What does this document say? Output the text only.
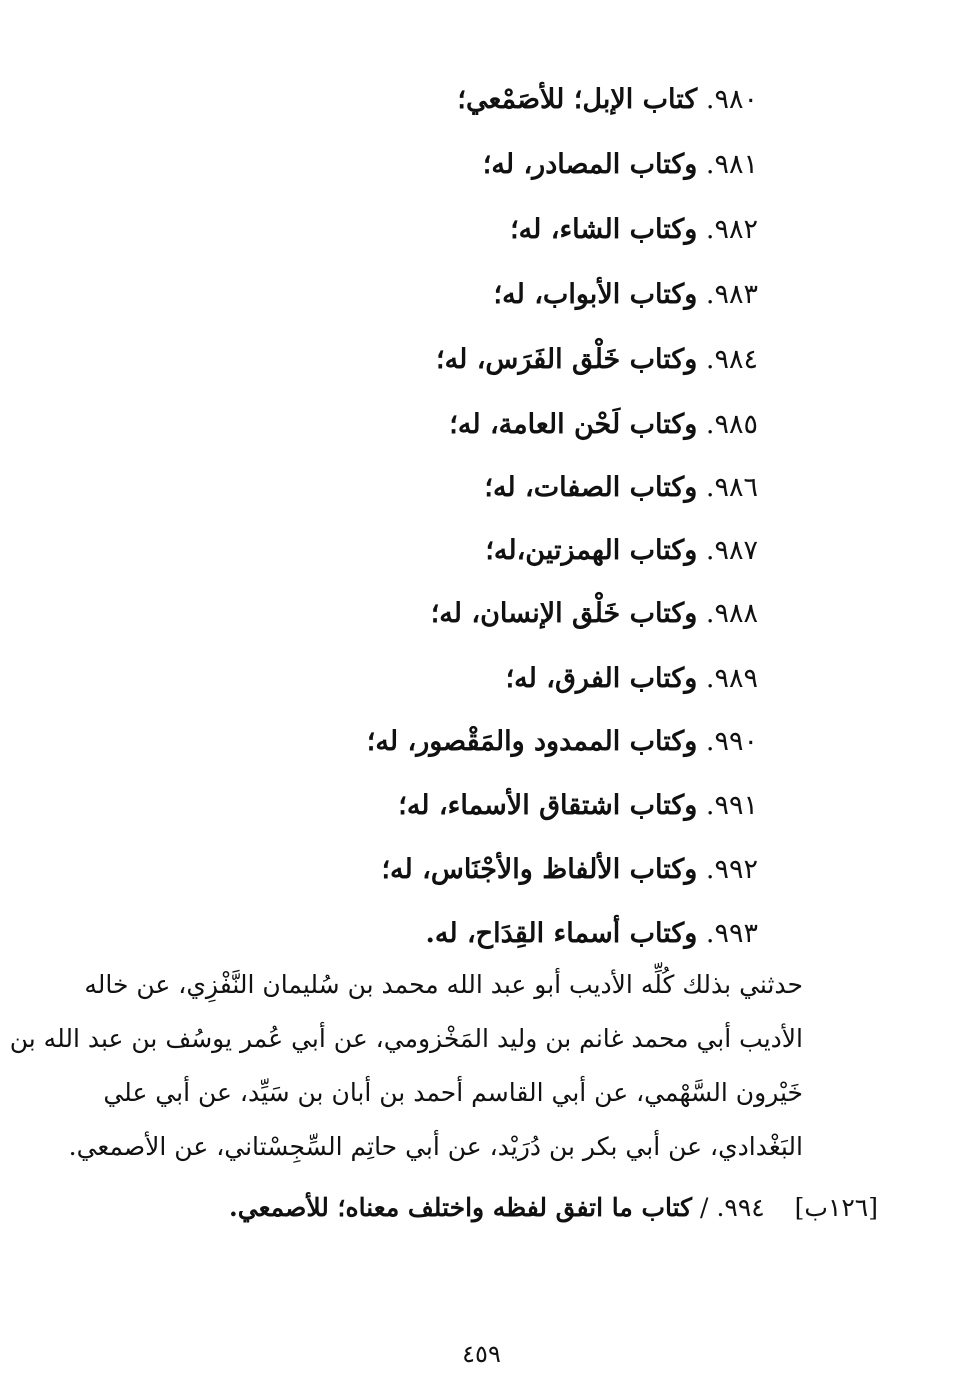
٩٨٠. كتاب الإبل؛ للأصَمْعي؛
٩٨١. وكتاب المصادر، له؛
٩٨٢. وكتاب الشاء، له؛
٩٨٣. وكتاب الأبواب، له؛
٩٨٤. وكتاب خَلْق الفَرَس، له؛
٩٨٥. وكتاب لَحْن العامة، له؛
٩٨٦. وكتاب الصفات، له؛
٩٨٧. وكتاب الهمزتين،له؛
٩٨٨. وكتاب خَلْق الإنسان، له؛
٩٨٩. وكتاب الفرق، له؛
٩٩٠. وكتاب الممدود والمَقْصور، له؛
٩٩١. وكتاب اشتقاق الأسماء، له؛
٩٩٢. وكتاب الألفاظ والأجْنَاس، له؛
٩٩٣. وكتاب أسماء القِدَاح، له.
حدثني بذلك كُلِّه الأديب أبو عبد الله محمد بن سُليمان النَّفْزِي، عن خاله
الأديب أبي محمد غانم بن وليد المَخْزومي، عن أبي عُمر يوسُف بن عبد الله بن
خَيْرون السَّهْمي، عن أبي القاسم أحمد بن أبان بن سَيِّد، عن أبي علي
البَغْدادي، عن أبي بكر بن دُرَيْد، عن أبي حاتِم السِّجِسْتاني، عن الأصمعي.
[١٢٦ب] ٩٩٤. / كتاب ما اتفق لفظه واختلف معناه؛ للأصمعي.
٤٥٩
